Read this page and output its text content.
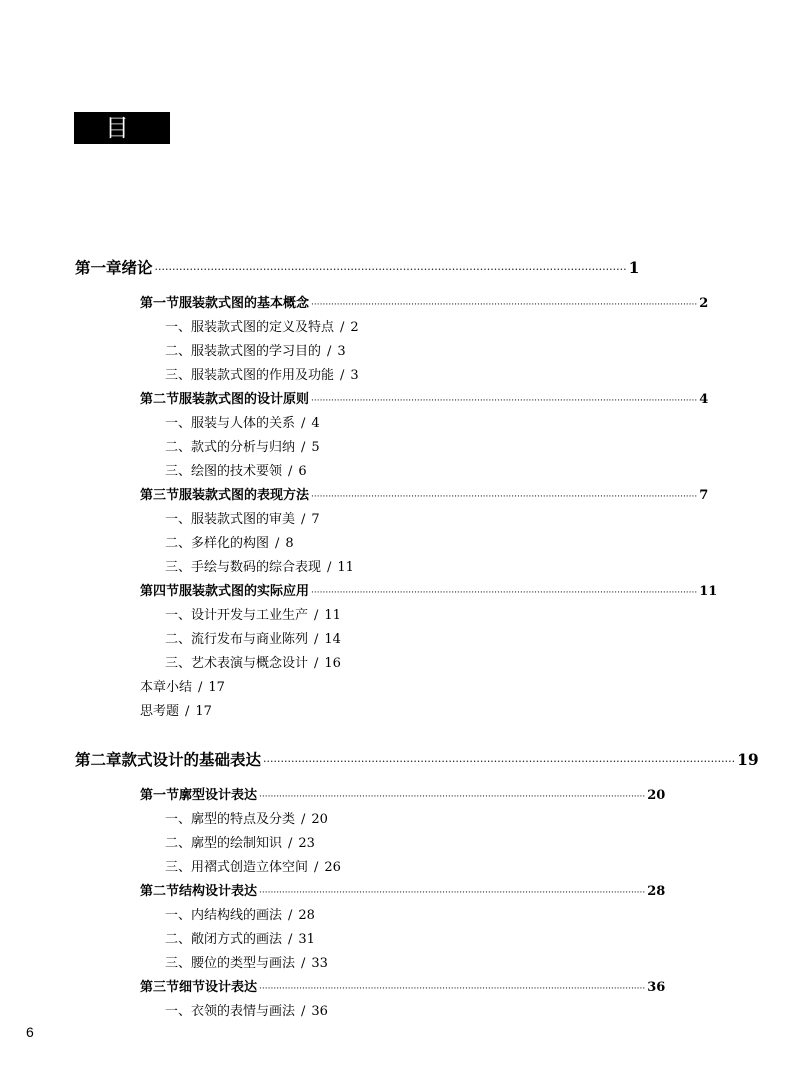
目 录
第一章 绪论 ······································································································································· 1
第一节 服装款式图的基本概念 ······································································································································· 2
一、服装款式图的定义及特点 / 2
二、服装款式图的学习目的 / 3
三、服装款式图的作用及功能 / 3
第二节 服装款式图的设计原则 ······································································································································· 4
一、服装与人体的关系 / 4
二、款式的分析与归纳 / 5
三、绘图的技术要领 / 6
第三节 服装款式图的表现方法 ······································································································································· 7
一、服装款式图的审美 / 7
二、多样化的构图 / 8
三、手绘与数码的综合表现 / 11
第四节 服装款式图的实际应用 ······································································································································· 11
一、设计开发与工业生产 / 11
二、流行发布与商业陈列 / 14
三、艺术表演与概念设计 / 16
本章小结 / 17
思考题 / 17
第二章 款式设计的基础表达 ······································································································································· 19
第一节 廓型设计表达 ······································································································································· 20
一、廓型的特点及分类 / 20
二、廓型的绘制知识 / 23
三、用褶式创造立体空间 / 26
第二节 结构设计表达 ······································································································································· 28
一、内结构线的画法 / 28
二、敞闭方式的画法 / 31
三、腰位的类型与画法 / 33
第三节 细节设计表达 ······································································································································· 36
一、衣领的表情与画法 / 36
6
